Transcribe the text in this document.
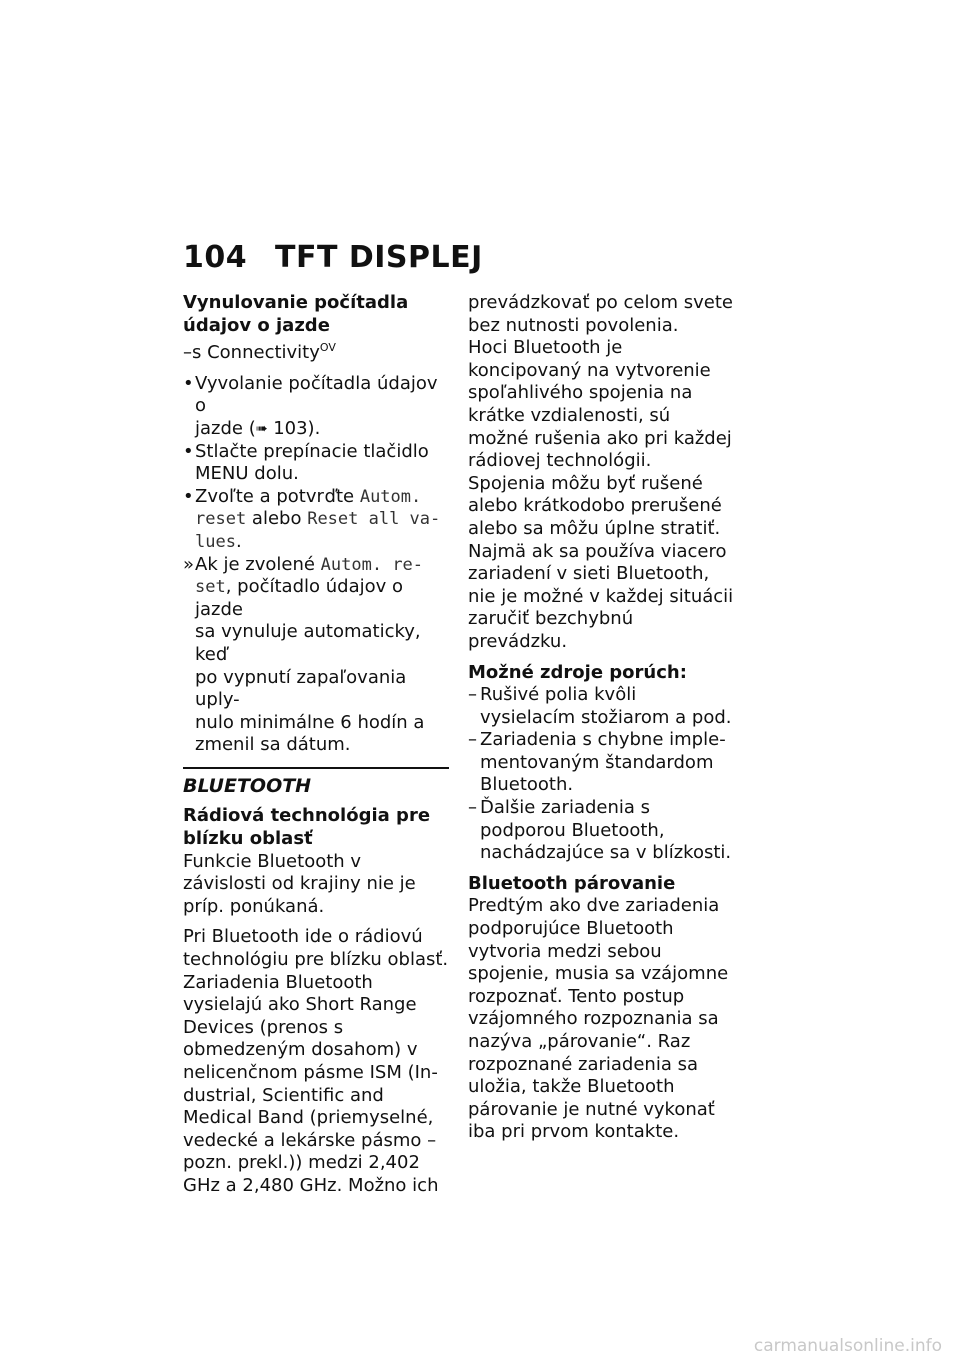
104 TFT DISPLEJ
Vynulovanie počítadla údajov o jazde
–s Connectivity$^{OV}$
• Vyvolanie počítadla údajov o
jazde (➠ 103).
• Stlačte prepínacie tlačidlo
MENU dolu.
• Zvoľte a potvrďte Autom.
reset alebo Reset all va-
lues.
» Ak je zvolené Autom. re-
set, počítadlo údajov o jazde
sa vynuluje automaticky, keď
po vypnutí zapaľovania uply-
nulo minimálne 6 hodín a
zmenil sa dátum.
BLUETOOTH
Rádiová technológia pre blízku oblasť

Funkcie Bluetooth v závislosti od krajiny nie je príp. ponúkaná.

Pri Bluetooth ide o rádiovú technológiu pre blízku oblasť. Zariadenia Bluetooth vysielajú ako Short Range Devices (prenos s obmedzeným dosahom) v nelicenčnom pásme ISM (Industrial, Scientific and Medical Band (priemyselné, vedecké a lekárske pásmo – pozn. prekl.)) medzi 2,402 GHz a 2,480 GHz. Možno ich

prevádzkovať po celom svete bez nutnosti povolenia.

Hoci Bluetooth je koncipovaný na vytvorenie spoľahlivého spojenia na krátke vzdialenosti, sú možné rušenia ako pri každej rádiovej technológii. Spojenia môžu byť rušené alebo krátkodobo prerušené alebo sa môžu úplne stratiť. Najmä ak sa používa viacero zariadení v sieti Bluetooth, nie je možné v každej situácii zaručiť bezchybnú prevádzku.

Možné zdroje porúch:
– Rušivé polia kvôli vysielacím stožiarom a pod.
– Zariadenia s chybne implementovaným štandardom Bluetooth.
– Ďalšie zariadenia s podporou Bluetooth, nachádzajúce sa v blízkosti.
Bluetooth párovanie

Predtým ako dve zariadenia podporujúce Bluetooth vytvoria medzi sebou spojenie, musia sa vzájomne rozpoznať. Tento postup vzájomného rozpoznania sa nazýva „párovanie“. Raz rozpoznané zariadenia sa uložia, takže Bluetooth párovanie je nutné vykonať iba pri prvom kontakte.

carmanualsonline.info
